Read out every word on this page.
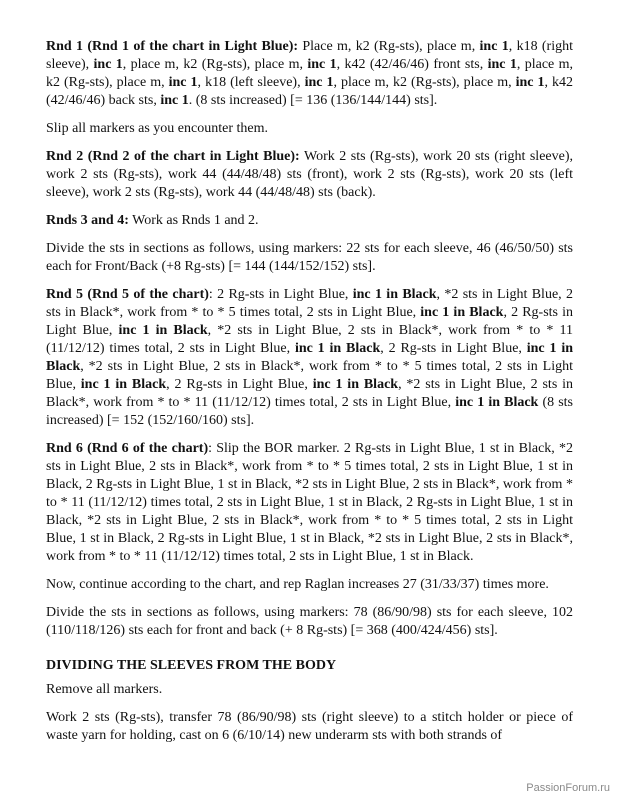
Rnd 1 (Rnd 1 of the chart in Light Blue): Place m, k2 (Rg-sts), place m, inc 1, k18 (right sleeve), inc 1, place m, k2 (Rg-sts), place m, inc 1, k42 (42/46/46) front sts, inc 1, place m, k2 (Rg-sts), place m, inc 1, k18 (left sleeve), inc 1, place m, k2 (Rg-sts), place m, inc 1, k42 (42/46/46) back sts, inc 1. (8 sts increased) [= 136 (136/144/144) sts].

Slip all markers as you encounter them.

Rnd 2 (Rnd 2 of the chart in Light Blue): Work 2 sts (Rg-sts), work 20 sts (right sleeve), work 2 sts (Rg-sts), work 44 (44/48/48) sts (front), work 2 sts (Rg-sts), work 20 sts (left sleeve), work 2 sts (Rg-sts), work 44 (44/48/48) sts (back).

Rnds 3 and 4: Work as Rnds 1 and 2.

Divide the sts in sections as follows, using markers: 22 sts for each sleeve, 46 (46/50/50) sts each for Front/Back (+8 Rg-sts) [= 144 (144/152/152) sts].

Rnd 5 (Rnd 5 of the chart): 2 Rg-sts in Light Blue, inc 1 in Black, *2 sts in Light Blue, 2 sts in Black*, work from * to * 5 times total, 2 sts in Light Blue, inc 1 in Black, 2 Rg-sts in Light Blue, inc 1 in Black, *2 sts in Light Blue, 2 sts in Black*, work from * to * 11 (11/12/12) times total, 2 sts in Light Blue, inc 1 in Black, 2 Rg-sts in Light Blue, inc 1 in Black, *2 sts in Light Blue, 2 sts in Black*, work from * to * 5 times total, 2 sts in Light Blue, inc 1 in Black, 2 Rg-sts in Light Blue, inc 1 in Black, *2 sts in Light Blue, 2 sts in Black*, work from * to * 11 (11/12/12) times total, 2 sts in Light Blue, inc 1 in Black (8 sts increased) [= 152 (152/160/160) sts].

Rnd 6 (Rnd 6 of the chart): Slip the BOR marker. 2 Rg-sts in Light Blue, 1 st in Black, *2 sts in Light Blue, 2 sts in Black*, work from * to * 5 times total, 2 sts in Light Blue, 1 st in Black, 2 Rg-sts in Light Blue, 1 st in Black, *2 sts in Light Blue, 2 sts in Black*, work from * to * 11 (11/12/12) times total, 2 sts in Light Blue, 1 st in Black, 2 Rg-sts in Light Blue, 1 st in Black, *2 sts in Light Blue, 2 sts in Black*, work from * to * 5 times total, 2 sts in Light Blue, 1 st in Black, 2 Rg-sts in Light Blue, 1 st in Black, *2 sts in Light Blue, 2 sts in Black*, work from * to * 11 (11/12/12) times total, 2 sts in Light Blue, 1 st in Black.

Now, continue according to the chart, and rep Raglan increases 27 (31/33/37) times more.

Divide the sts in sections as follows, using markers: 78 (86/90/98) sts for each sleeve, 102 (110/118/126) sts each for front and back (+ 8 Rg-sts) [= 368 (400/424/456) sts].

DIVIDING THE SLEEVES FROM THE BODY

Remove all markers.

Work 2 sts (Rg-sts), transfer 78 (86/90/98) sts (right sleeve) to a stitch holder or piece of waste yarn for holding, cast on 6 (6/10/14) new underarm sts with both strands of

PassionForum.ru
